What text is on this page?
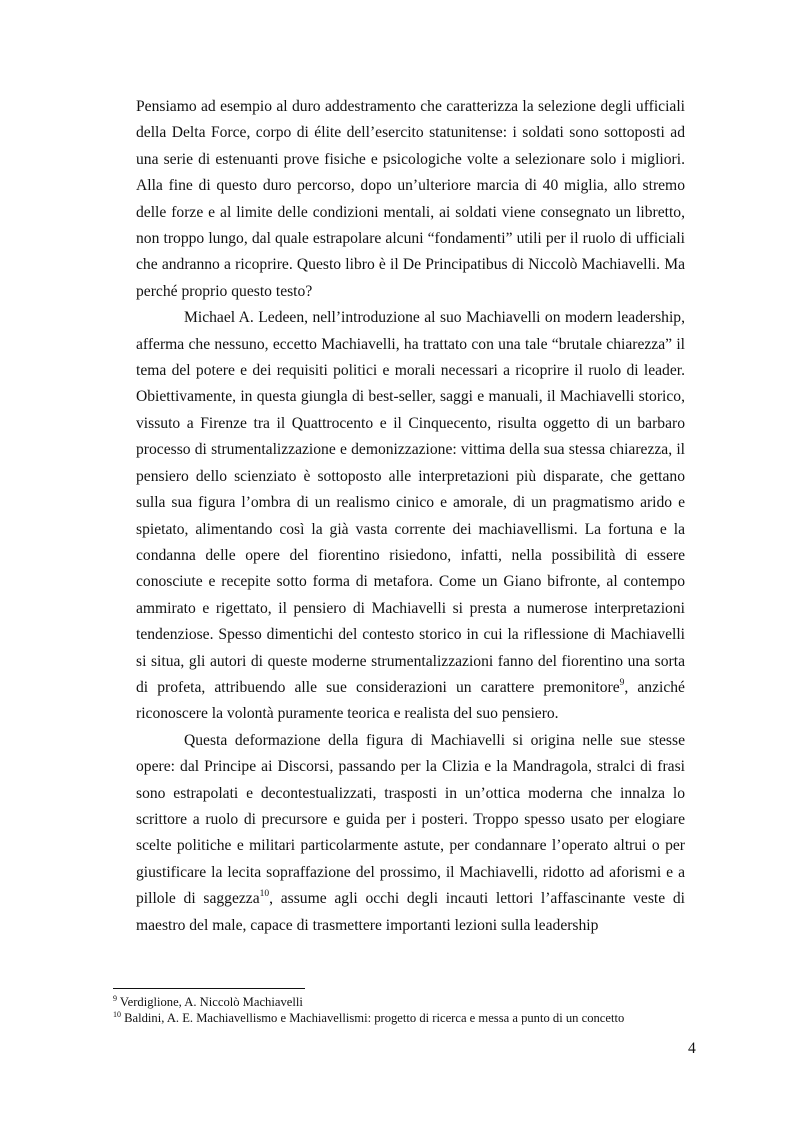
Pensiamo ad esempio al duro addestramento che caratterizza la selezione degli ufficiali della Delta Force, corpo di élite dell’esercito statunitense: i soldati sono sottoposti ad una serie di estenuanti prove fisiche e psicologiche volte a selezionare solo i migliori. Alla fine di questo duro percorso, dopo un’ulteriore marcia di 40 miglia, allo stremo delle forze e al limite delle condizioni mentali, ai soldati viene consegnato un libretto, non troppo lungo, dal quale estrapolare alcuni “fondamenti” utili per il ruolo di ufficiali che andranno a ricoprire. Questo libro è il De Principatibus di Niccolò Machiavelli. Ma perché proprio questo testo?

Michael A. Ledeen, nell’introduzione al suo Machiavelli on modern leadership, afferma che nessuno, eccetto Machiavelli, ha trattato con una tale “brutale chiarezza” il tema del potere e dei requisiti politici e morali necessari a ricoprire il ruolo di leader. Obiettivamente, in questa giungla di best-seller, saggi e manuali, il Machiavelli storico, vissuto a Firenze tra il Quattrocento e il Cinquecento, risulta oggetto di un barbaro processo di strumentalizzazione e demonizzazione: vittima della sua stessa chiarezza, il pensiero dello scienziato è sottoposto alle interpretazioni più disparate, che gettano sulla sua figura l’ombra di un realismo cinico e amorale, di un pragmatismo arido e spietato, alimentando così la già vasta corrente dei machiavellismi. La fortuna e la condanna delle opere del fiorentino risiedono, infatti, nella possibilità di essere conosciute e recepite sotto forma di metafora. Come un Giano bifronte, al contempo ammirato e rigettato, il pensiero di Machiavelli si presta a numerose interpretazioni tendenziose. Spesso dimentichi del contesto storico in cui la riflessione di Machiavelli si situa, gli autori di queste moderne strumentalizzazioni fanno del fiorentino una sorta di profeta, attribuendo alle sue considerazioni un carattere premonitore$^9$, anziché riconoscere la volontà puramente teorica e realista del suo pensiero.

Questa deformazione della figura di Machiavelli si origina nelle sue stesse opere: dal Principe ai Discorsi, passando per la Clizia e la Mandragola, stralci di frasi sono estrapolati e decontestualizzati, trasposti in un’ottica moderna che innalza lo scrittore a ruolo di precursore e guida per i posteri. Troppo spesso usato per elogiare scelte politiche e militari particolarmente astute, per condannare l’operato altrui o per giustificare la lecita sopraffazione del prossimo, il Machiavelli, ridotto ad aforismi e a pillole di saggezza$^{10}$, assume agli occhi degli incauti lettori l’affascinante veste di maestro del male, capace di trasmettere importanti lezioni sulla leadership

$^9$ Verdiglione, A. Niccolò Machiavelli
$^{10}$ Baldini, A. E. Machiavellismo e Machiavellismi: progetto di ricerca e messa a punto di un concetto
4
